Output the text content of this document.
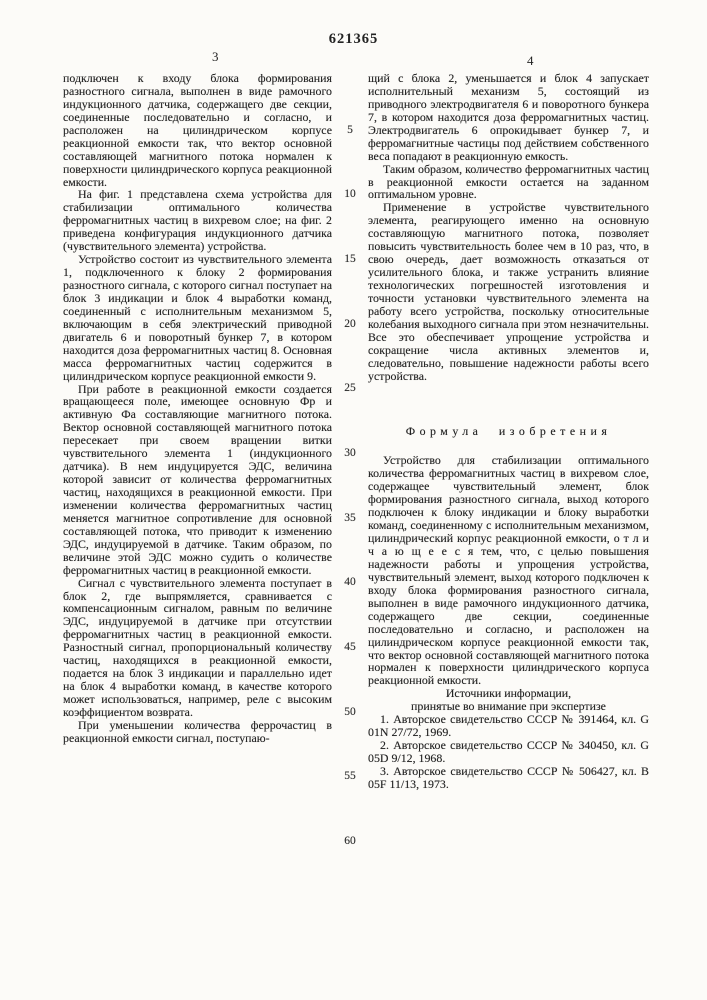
621365
3	4

подключен к входу блока формирования разностного сигнала, выполнен в виде рамочного индукционного датчика, содержащего две секции, соединенные последовательно и согласно, и расположен на цилиндрическом корпусе реакционной емкости так, что вектор основной составляющей магнитного потока нормален к поверхности цилиндрического корпуса реакционной емкости.

На фиг. 1 представлена схема устройства для стабилизации оптимального количества ферромагнитных частиц в вихревом слое; на фиг. 2 приведена конфигурация индукционного датчика (чувствительного элемента) устройства.

Устройство состоит из чувствительного элемента 1, подключенного к блоку 2 формирования разностного сигнала, с которого сигнал поступает на блок 3 индикации и блок 4 выработки команд, соединенный с исполнительным механизмом 5, включающим в себя электрический приводной двигатель 6 и поворотный бункер 7, в котором находится доза ферромагнитных частиц 8. Основная масса ферромагнитных частиц содержится в цилиндрическом корпусе реакционной емкости 9.

При работе в реакционной емкости создается вращающееся поле, имеющее основную Фр и активную Фа составляющие магнитного потока. Вектор основной составляющей магнитного потока пересекает при своем вращении витки чувствительного элемента 1 (индукционного датчика). В нем индуцируется ЭДС, величина которой зависит от количества ферромагнитных частиц, находящихся в реакционной емкости. При изменении количества ферромагнитных частиц меняется магнитное сопротивление для основной составляющей потока, что приводит к изменению ЭДС, индуцируемой в датчике. Таким образом, по величине этой ЭДС можно судить о количестве ферромагнитных частиц в реакционной емкости.

Сигнал с чувствительного элемента поступает в блок 2, где выпрямляется, сравнивается с компенсационным сигналом, равным по величине ЭДС, индуцируемой в датчике при отсутствии ферромагнитных частиц в реакционной емкости. Разностный сигнал, пропорциональный количеству частиц, находящихся в реакционной емкости, подается на блок 3 индикации и параллельно идет на блок 4 выработки команд, в качестве которого может использоваться, например, реле с высоким коэффициентом возврата.

При уменьшении количества феррочастиц в реакционной емкости сигнал, поступаю-

5
10
15
20
25
30
35
40
45
50
55
60

щий с блока 2, уменьшается и блок 4 запускает исполнительный механизм 5, состоящий из приводного электродвигателя 6 и поворотного бункера 7, в котором находится доза ферромагнитных частиц. Электродвигатель 6 опрокидывает бункер 7, и ферромагнитные частицы под действием собственного веса попадают в реакционную емкость.

Таким образом, количество ферромагнитных частиц в реакционной емкости остается на заданном оптимальном уровне.

Применение в устройстве чувствительного элемента, реагирующего именно на основную составляющую магнитного потока, позволяет повысить чувствительность более чем в 10 раз, что, в свою очередь, дает возможность отказаться от усилительного блока, и также устранить влияние технологических погрешностей изготовления и точности установки чувствительного элемента на работу всего устройства, поскольку относительные колебания выходного сигнала при этом незначительны. Все это обеспечивает упрощение устройства и сокращение числа активных элементов и, следовательно, повышение надежности работы всего устройства.

Формула изобретения

Устройство для стабилизации оптимального количества ферромагнитных частиц в вихревом слое, содержащее чувствительный элемент, блок формирования разностного сигнала, выход которого подключен к блоку индикации и блоку выработки команд, соединенному с исполнительным механизмом, цилиндрический корпус реакционной емкости, о т л и ч а ю щ е е с я тем, что, с целью повышения надежности работы и упрощения устройства, чувствительный элемент, выход которого подключен к входу блока формирования разностного сигнала, выполнен в виде рамочного индукционного датчика, содержащего две секции, соединенные последовательно и согласно, и расположен на цилиндрическом корпусе реакционной емкости так, что вектор основной составляющей магнитного потока нормален к поверхности цилиндрического корпуса реакционной емкости.

Источники информации,

принятые во внимание при экспертизе

1. Авторское свидетельство СССР № 391464, кл. G 01N 27/72, 1969.

2. Авторское свидетельство СССР № 340450, кл. G 05D 9/12, 1968.

3. Авторское свидетельство СССР № 506427, кл. B 05F 11/13, 1973.
